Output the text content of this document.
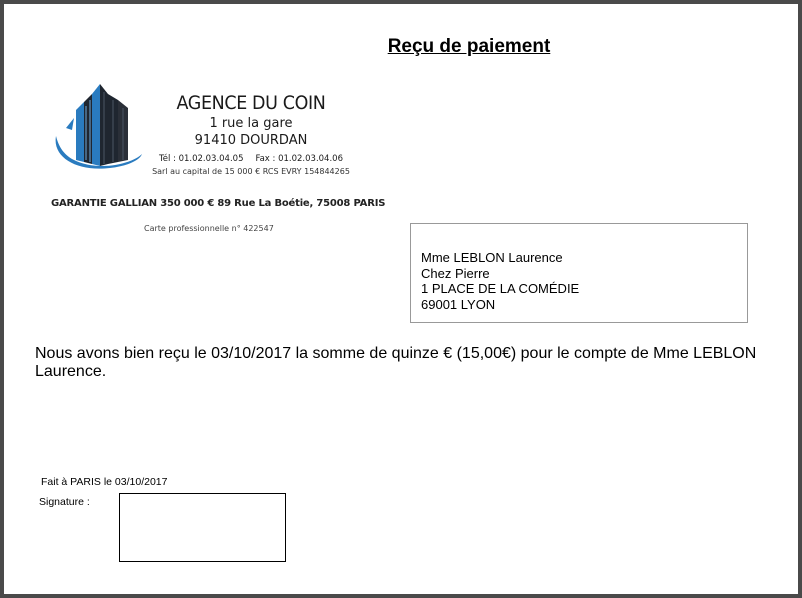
Reçu de paiement
AGENCE DU COIN
1 rue la gare
91410 DOURDAN
Tél : 01.02.03.04.05 Fax : 01.02.03.04.06
Sarl au capital de 15 000 € RCS EVRY 154844265
GARANTIE GALLIAN 350 000 € 89 Rue La Boétie, 75008 PARIS
Carte professionnelle n° 422547
Mme LEBLON Laurence
Chez Pierre
1 PLACE DE LA COMÉDIE
69001 LYON
Nous avons bien reçu le 03/10/2017 la somme de quinze € (15,00€) pour le compte de Mme LEBLON Laurence.
Fait à PARIS le 03/10/2017
Signature :
